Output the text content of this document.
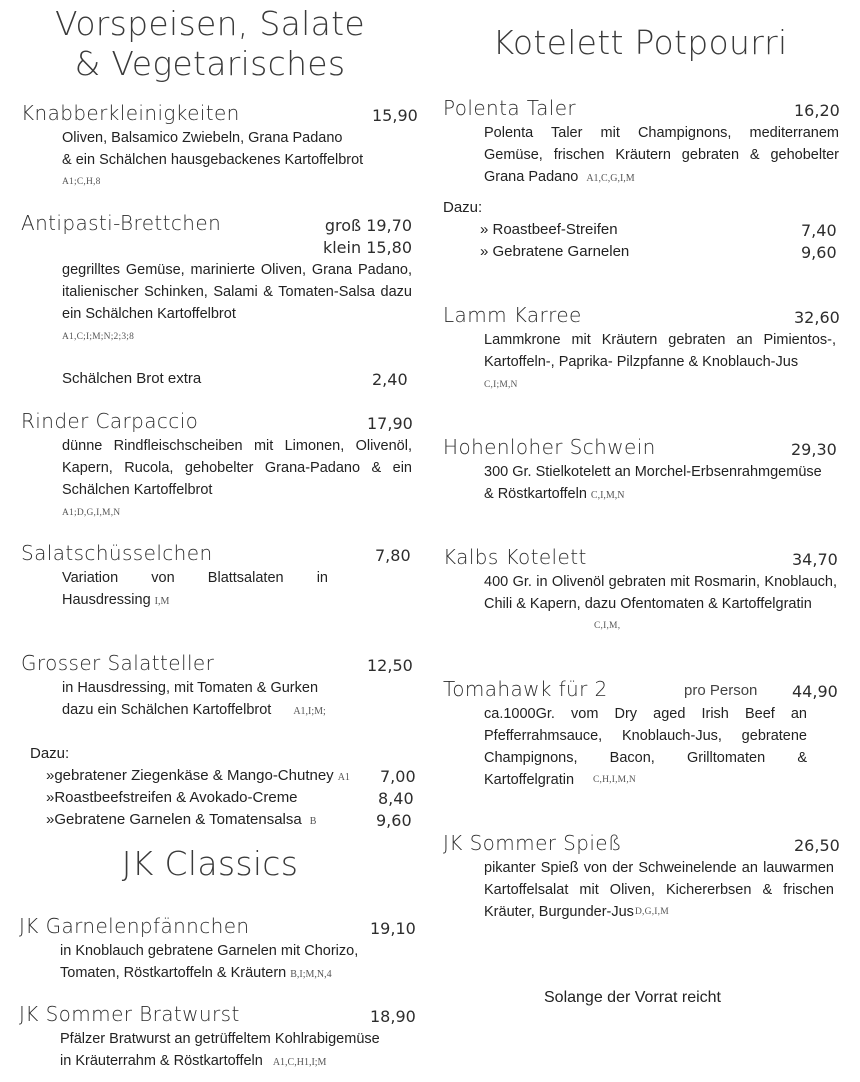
Vorspeisen, Salate
& Vegetarisches
Knabberkleinigkeiten	15,90
Oliven, Balsamico Zwiebeln, Grana Padano
& ein Schälchen hausgebackenes Kartoffelbrot
A1;C,H,8
Antipasti-Brettchen	groß 19,70
klein 15,80
gegrilltes Gemüse, marinierte Oliven, Grana Padano, italienischer Schinken, Salami & Tomaten-Salsa dazu ein Schälchen Kartoffelbrot
A1,C;I;M;N;2;3;8
Schälchen Brot extra	2,40
Rinder Carpaccio	17,90
dünne Rindfleischscheiben mit Limonen, Olivenöl, Kapern, Rucola, gehobelter Grana-Padano & ein Schälchen Kartoffelbrot
A1;D,G,I,M,N
Salatschüsselchen	7,80
Variation von Blattsalaten in
Hausdressing I,M
Grosser Salatteller	12,50
in Hausdressing, mit Tomaten & Gurken
dazu ein Schälchen Kartoffelbrot A1,I;M;
Dazu:
»gebratener Ziegenkäse & Mango-Chutney A1 7,00
»Roastbeefstreifen & Avokado-Creme	8,40
»Gebratene Garnelen & Tomatensalsa B	9,60
JK Classics
JK Garnelenpfännchen	19,10
in Knoblauch gebratene Garnelen mit Chorizo,
Tomaten, Röstkartoffeln & Kräutern B,I;M,N,4
JK Sommer Bratwurst	18,90
Pfälzer Bratwurst an getrüffeltem Kohlrabigemüse
in Kräuterrahm & Röstkartoffeln A1,C,H1,I;M
Kotelett Potpourri
Polenta Taler	16,20
Polenta Taler mit Champignons, mediterranem
Gemüse, frischen Kräutern gebraten & gehobelter
Grana Padano A1,C,G,I,M
Dazu:
» Roastbeef-Streifen	7,40
» Gebratene Garnelen	9,60
Lamm Karree	32,60
Lammkrone mit Kräutern gebraten an Pimientos-, Kartoffeln-, Paprika- Pilzpfanne & Knoblauch-Jus
C,I;M,N
Hohenloher Schwein	29,30
300 Gr. Stielkotelett an Morchel-Erbsenrahmgemüse
& Röstkartoffeln C,I,M,N
Kalbs Kotelett	34,70
400 Gr. in Olivenöl gebraten mit Rosmarin, Knoblauch, Chili & Kapern, dazu Ofentomaten & Kartoffelgratin
C,I,M,
Tomahawk für 2	pro Person 44,90
ca.1000Gr. vom Dry aged Irish Beef an Pfefferrahmsauce, Knoblauch-Jus, gebratene Champignons, Bacon, Grilltomaten & Kartoffelgratin	C,H,I,M,N
JK Sommer Spieß	26,50
pikanter Spieß von der Schweinelende an lauwarmen Kartoffelsalat mit Oliven, Kichererbsen & frischen Kräuter, Burgunder-Jus D,G,I,M
Solange der Vorrat reicht
